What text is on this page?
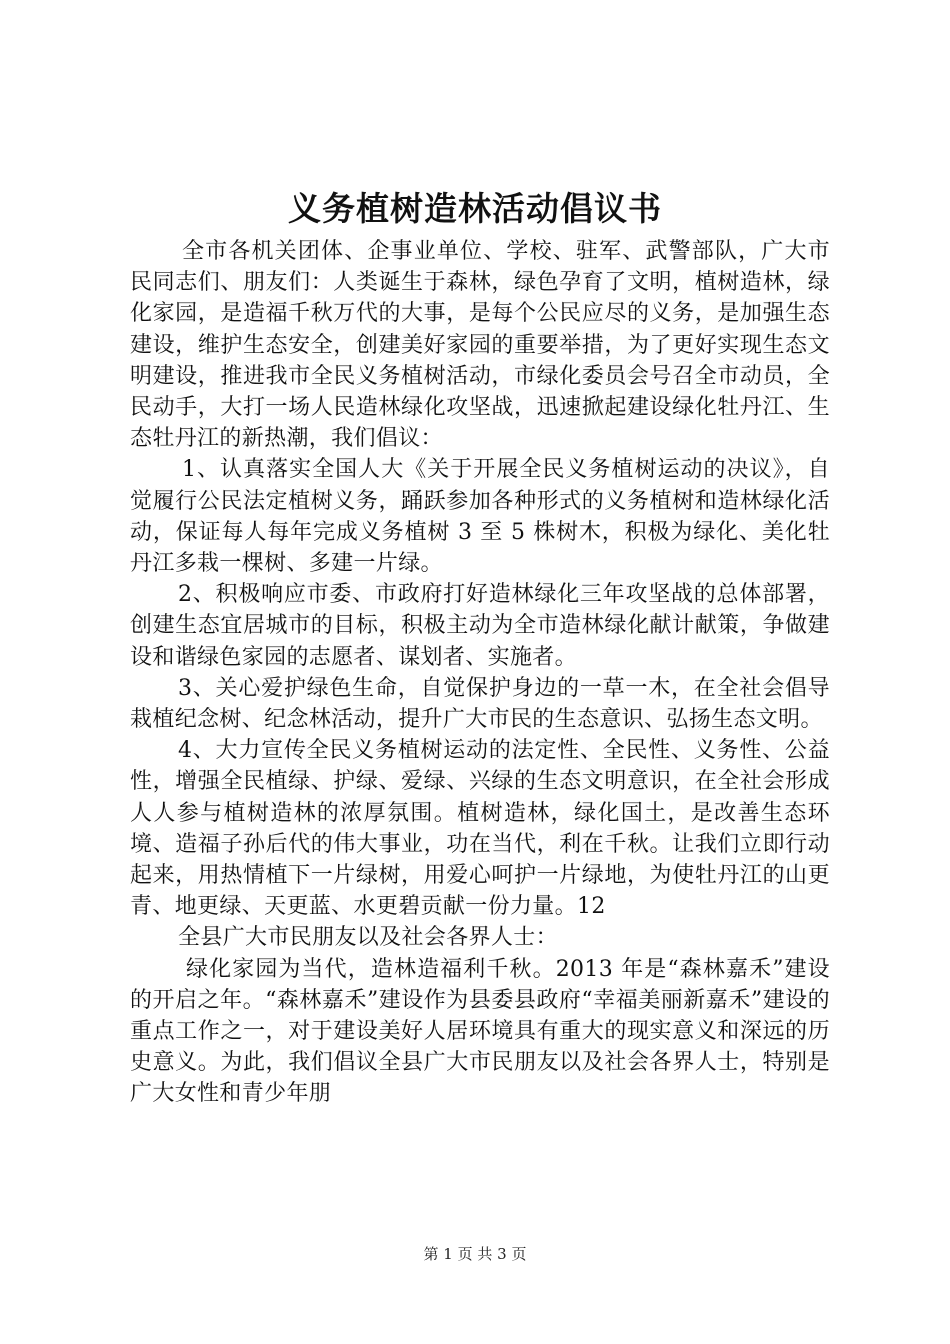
义务植树造林活动倡议书

全市各机关团体、企事业单位、学校、驻军、武警部队，广大市民同志们、朋友们：人类诞生于森林，绿色孕育了文明，植树造林，绿化家园，是造福千秋万代的大事，是每个公民应尽的义务，是加强生态建设，维护生态安全，创建美好家园的重要举措，为了更好实现生态文明建设，推进我市全民义务植树活动，市绿化委员会号召全市动员，全民动手，大打一场人民造林绿化攻坚战，迅速掀起建设绿化牡丹江、生态牡丹江的新热潮，我们倡议：

1、认真落实全国人大《关于开展全民义务植树运动的决议》，自觉履行公民法定植树义务，踊跃参加各种形式的义务植树和造林绿化活动，保证每人每年完成义务植树 3 至 5 株树木，积极为绿化、美化牡丹江多栽一棵树、多建一片绿。

2、积极响应市委、市政府打好造林绿化三年攻坚战的总体部署，创建生态宜居城市的目标，积极主动为全市造林绿化献计献策，争做建设和谐绿色家园的志愿者、谋划者、实施者。

3、关心爱护绿色生命，自觉保护身边的一草一木，在全社会倡导栽植纪念树、纪念林活动，提升广大市民的生态意识、弘扬生态文明。

4、大力宣传全民义务植树运动的法定性、全民性、义务性、公益性，增强全民植绿、护绿、爱绿、兴绿的生态文明意识，在全社会形成人人参与植树造林的浓厚氛围。植树造林，绿化国土，是改善生态环境、造福子孙后代的伟大事业，功在当代，利在千秋。让我们立即行动起来，用热情植下一片绿树，用爱心呵护一片绿地，为使牡丹江的山更青、地更绿、天更蓝、水更碧贡献一份力量。12

全县广大市民朋友以及社会各界人士：

绿化家园为当代，造林造福利千秋。2013 年是“森林嘉禾”建设的开启之年。“森林嘉禾”建设作为县委县政府“幸福美丽新嘉禾”建设的重点工作之一，对于建设美好人居环境具有重大的现实意义和深远的历史意义。为此，我们倡议全县广大市民朋友以及社会各界人士，特别是广大女性和青少年朋

第 1 页 共 3 页
